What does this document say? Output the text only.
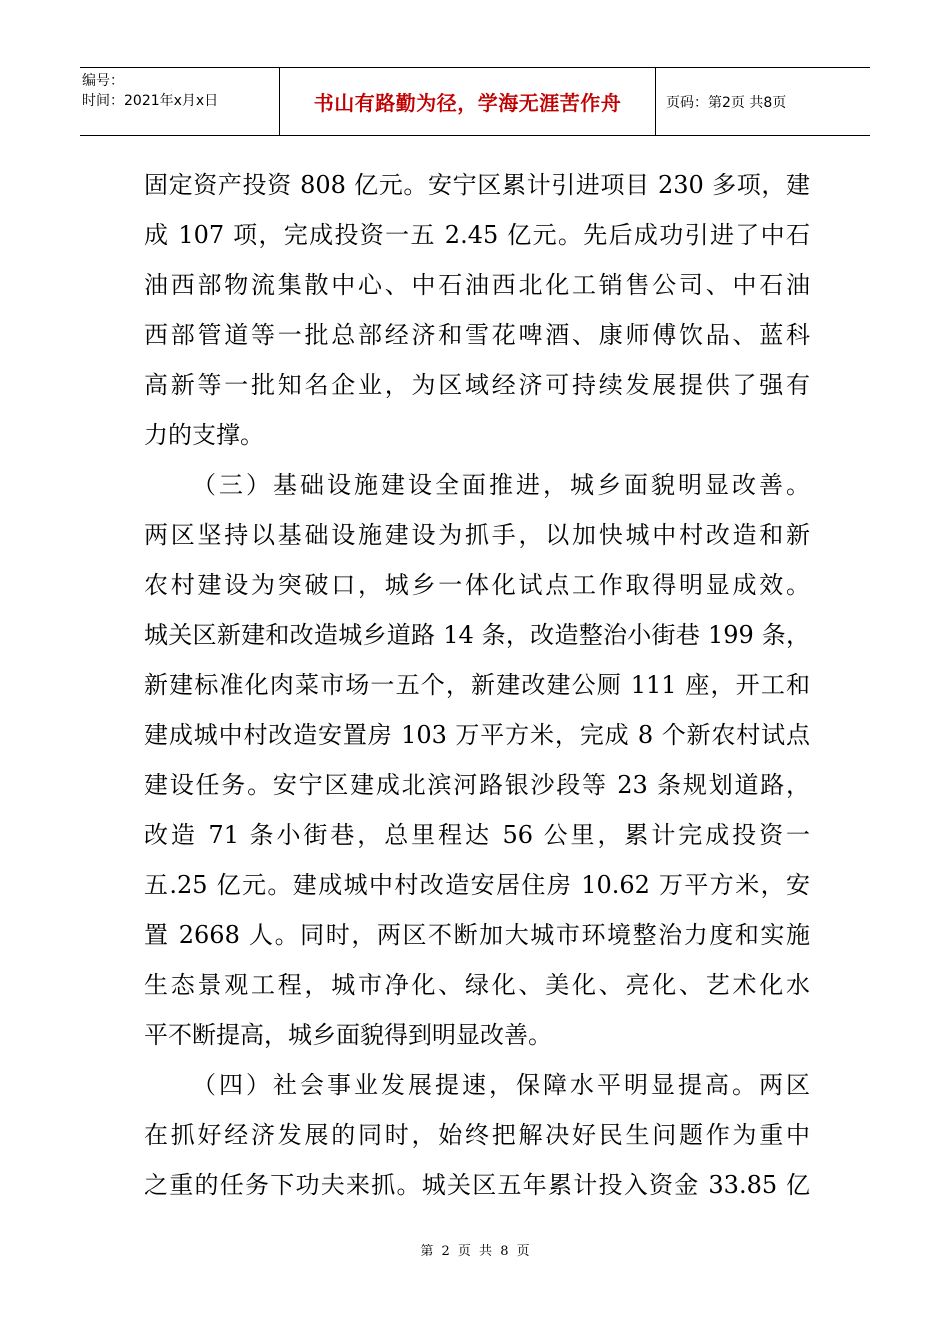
编号：
时间：2021年x月x日	书山有路勤为径，学海无涯苦作舟	页码：第2页 共8页
固定资产投资 808 亿元。安宁区累计引进项目 230 多项，建
成 107 项，完成投资一五 2.45 亿元。先后成功引进了中石
油西部物流集散中心、中石油西北化工销售公司、中石油
西部管道等一批总部经济和雪花啤酒、康师傅饮品、蓝科
高新等一批知名企业，为区域经济可持续发展提供了强有
力的支撑。
（三）基础设施建设全面推进，城乡面貌明显改善。
两区坚持以基础设施建设为抓手，以加快城中村改造和新
农村建设为突破口，城乡一体化试点工作取得明显成效。
城关区新建和改造城乡道路 14 条，改造整治小街巷 199 条，
新建标准化肉菜市场一五个，新建改建公厕 111 座，开工和
建成城中村改造安置房 103 万平方米，完成 8 个新农村试点
建设任务。安宁区建成北滨河路银沙段等 23 条规划道路，
改造 71 条小街巷，总里程达 56 公里，累计完成投资一
五.25 亿元。建成城中村改造安居住房 10.62 万平方米，安
置 2668 人。同时，两区不断加大城市环境整治力度和实施
生态景观工程，城市净化、绿化、美化、亮化、艺术化水
平不断提高，城乡面貌得到明显改善。
（四）社会事业发展提速，保障水平明显提高。两区
在抓好经济发展的同时，始终把解决好民生问题作为重中
之重的任务下功夫来抓。城关区五年累计投入资金 33.85 亿
第 2 页 共 8 页
